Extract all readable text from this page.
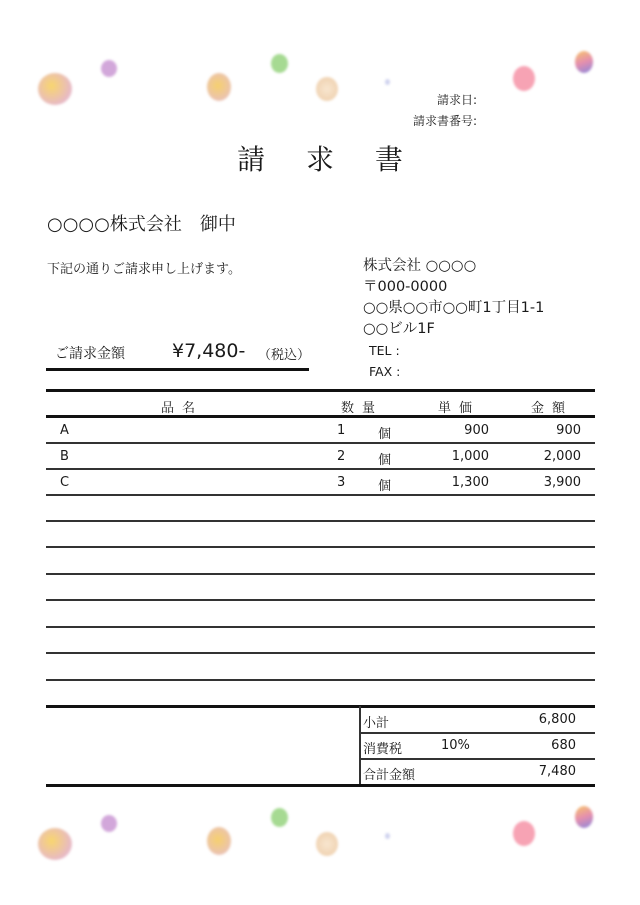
請求日:
請求書番号:
請 求 書
○○○○株式会社　御中
下記の通りご請求申し上げます。	株式会社 ○○○○
〒000-0000
○○県○○市○○町1丁目1-1
○○ビル1F
TEL :
FAX :
ご請求金額 ¥7,480- （税込）
品名	数量	単価	金額
A	1	個	900	900
B	2	個	1,000	2,000
C	3	個	1,300	3,900
小計	6,800
消費税	10%	680
合計金額	7,480
